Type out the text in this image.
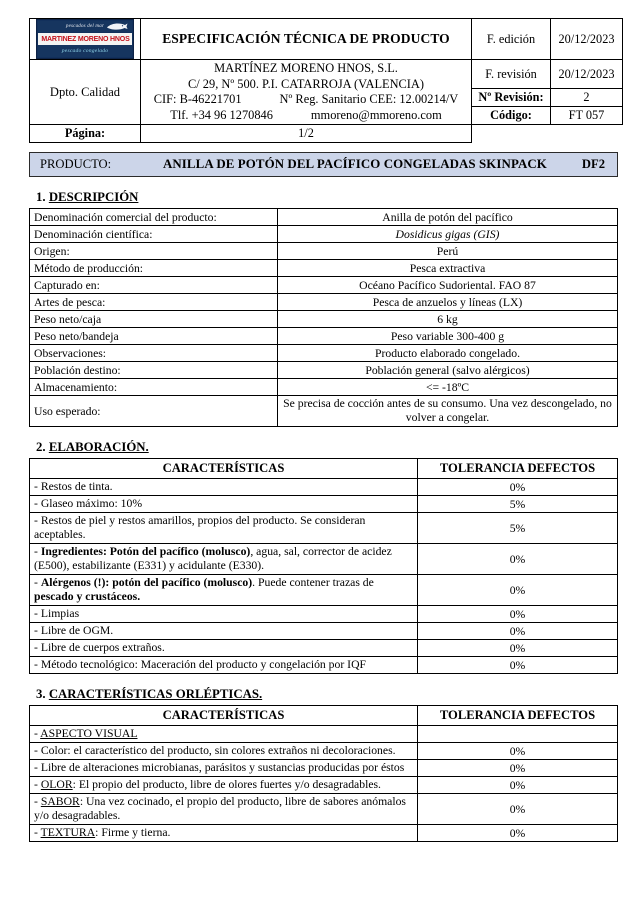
pescados del mar
MARTINEZ MORENO HNOS
pescado congelado	ESPECIFICACIÓN TÉCNICA DE PRODUCTO	F. edición	20/12/2023
Dpto. Calidad	
MARTÍNEZ MORENO HNOS, S.L.
C/ 29, Nº 500. P.I. CATARROJA (VALENCIA)
CIF: B-46221701	Nº Reg. Sanitario CEE: 12.00214/V
Tlf. +34 96 1270846	mmoreno@mmoreno.com
	F. revisión	20/12/2023
		Nº Revisión:	2
		Código:	FT 057
Página:	1/2		
PRODUCTO:	ANILLA DE POTÓN DEL PACÍFICO CONGELADAS SKINPACK	DF2
1. DESCRIPCIÓN
Denominación comercial del producto:	Anilla de potón del pacífico
Denominación científica:	Dosidicus gigas (GIS)
Origen:	Perú
Método de producción:	Pesca extractiva
Capturado en:	Océano Pacífico Sudoriental. FAO 87
Artes de pesca:	Pesca de anzuelos y líneas (LX)
Peso neto/caja	6 kg
Peso neto/bandeja	Peso variable 300-400 g
Observaciones:	Producto elaborado congelado.
Población destino:	Población general (salvo alérgicos)
Almacenamiento:	<= -18ºC
Uso esperado:	Se precisa de cocción antes de su consumo. Una vez descongelado, no volver a congelar.
2. ELABORACIÓN.
CARACTERÍSTICAS	TOLERANCIA DEFECTOS
- Restos de tinta.	0%
- Glaseo máximo: 10%	5%
- Restos de piel y restos amarillos, propios del producto. Se consideran aceptables.	5%
- Ingredientes: Potón del pacífico (molusco), agua, sal, corrector de acidez (E500), estabilizante (E331) y acidulante (E330).	0%
- Alérgenos (!): potón del pacífico (molusco). Puede contener trazas de pescado y crustáceos.	0%
- Limpias	0%
- Libre de OGM.	0%
- Libre de cuerpos extraños.	0%
- Método tecnológico: Maceración del producto y congelación por IQF	0%
3. CARACTERÍSTICAS ORLÉPTICAS.
CARACTERÍSTICAS	TOLERANCIA DEFECTOS
- ASPECTO VISUAL	
- Color: el característico del producto, sin colores extraños ni decoloraciones.	0%
- Libre de alteraciones microbianas, parásitos y sustancias producidas por éstos	0%
- OLOR: El propio del producto, libre de olores fuertes y/o desagradables.	0%
- SABOR: Una vez cocinado, el propio del producto, libre de sabores anómalos y/o desagradables.	0%
- TEXTURA: Firme y tierna.	0%
